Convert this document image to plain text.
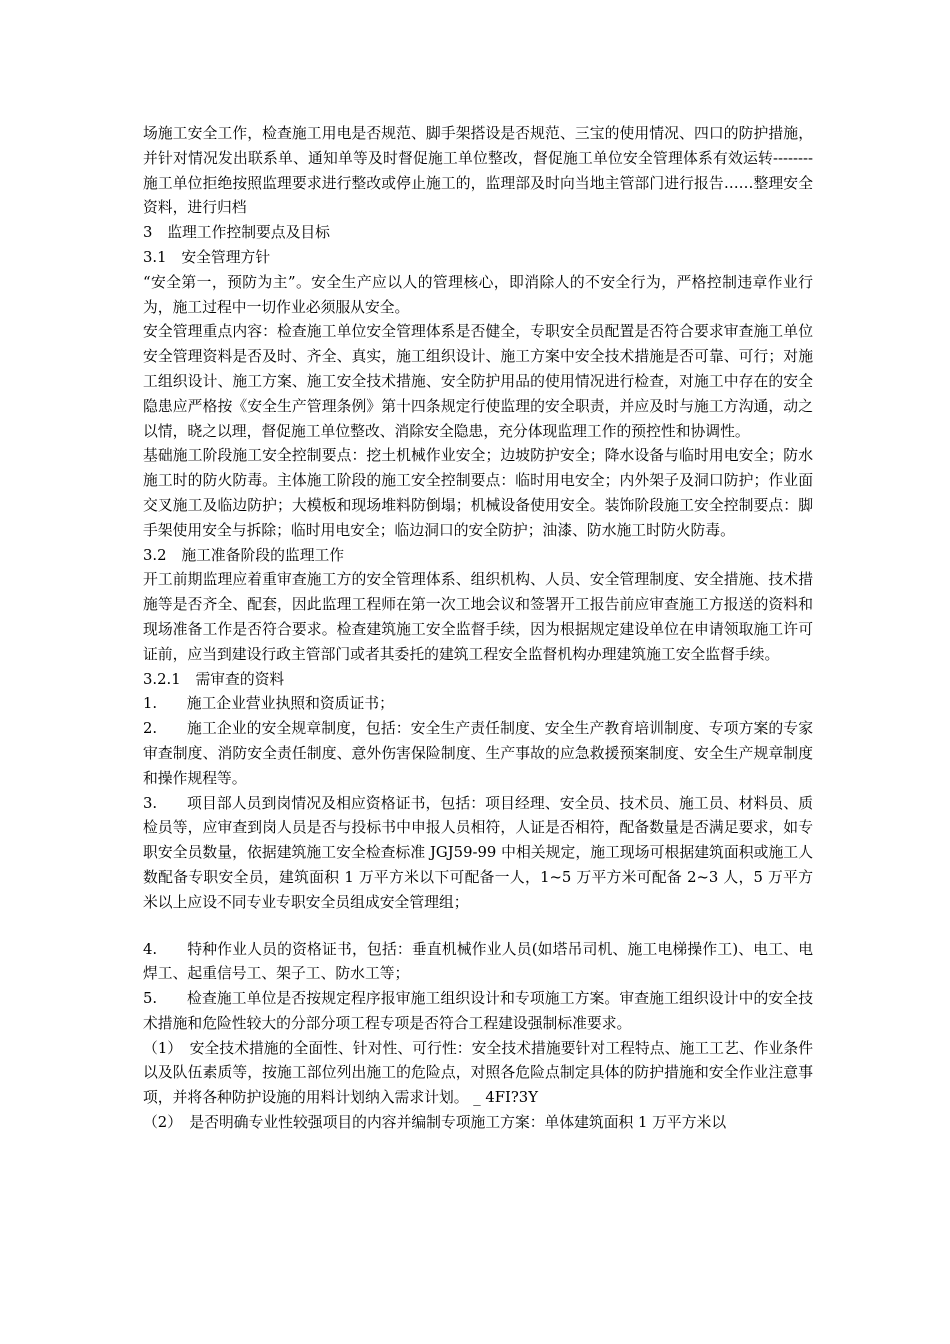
场施工安全工作，检查施工用电是否规范、脚手架搭设是否规范、三宝的使用情况、四口的防护措施，并针对情况发出联系单、通知单等及时督促施工单位整改，督促施工单位安全管理体系有效运转--------施工单位拒绝按照监理要求进行整改或停止施工的，监理部及时向当地主管部门进行报告……整理安全资料，进行归档

3　监理工作控制要点及目标

3.1　安全管理方针

“安全第一，预防为主”。安全生产应以人的管理核心，即消除人的不安全行为，严格控制违章作业行为，施工过程中一切作业必须服从安全。

安全管理重点内容：检查施工单位安全管理体系是否健全，专职安全员配置是否符合要求审查施工单位安全管理资料是否及时、齐全、真实，施工组织设计、施工方案中安全技术措施是否可靠、可行；对施工组织设计、施工方案、施工安全技术措施、安全防护用品的使用情况进行检查，对施工中存在的安全隐患应严格按《安全生产管理条例》第十四条规定行使监理的安全职责，并应及时与施工方沟通，动之以情，晓之以理，督促施工单位整改、消除安全隐患，充分体现监理工作的预控性和协调性。

基础施工阶段施工安全控制要点：挖土机械作业安全；边坡防护安全；降水设备与临时用电安全；防水施工时的防火防毒。主体施工阶段的施工安全控制要点：临时用电安全；内外架子及洞口防护；作业面交叉施工及临边防护；大模板和现场堆料防倒塌；机械设备使用安全。装饰阶段施工安全控制要点：脚手架使用安全与拆除；临时用电安全；临边洞口的安全防护；油漆、防水施工时防火防毒。

3.2　施工准备阶段的监理工作

开工前期监理应着重审查施工方的安全管理体系、组织机构、人员、安全管理制度、安全措施、技术措施等是否齐全、配套，因此监理工程师在第一次工地会议和签署开工报告前应审查施工方报送的资料和现场准备工作是否符合要求。检查建筑施工安全监督手续，因为根据规定建设单位在申请领取施工许可证前，应当到建设行政主管部门或者其委托的建筑工程安全监督机构办理建筑施工安全监督手续。

3.2.1　需审查的资料

1.　　施工企业营业执照和资质证书；

2.　　施工企业的安全规章制度，包括：安全生产责任制度、安全生产教育培训制度、专项方案的专家审查制度、消防安全责任制度、意外伤害保险制度、生产事故的应急救援预案制度、安全生产规章制度和操作规程等。

3.　　项目部人员到岗情况及相应资格证书，包括：项目经理、安全员、技术员、施工员、材料员、质检员等，应审查到岗人员是否与投标书中申报人员相符，人证是否相符，配备数量是否满足要求，如专职安全员数量，依据建筑施工安全检查标准 JGJ59-99 中相关规定，施工现场可根据建筑面积或施工人数配备专职安全员，建筑面积 1 万平方米以下可配备一人，1~5 万平方米可配备 2~3 人，5 万平方米以上应设不同专业专职安全员组成安全管理组；

4.　　特种作业人员的资格证书，包括：垂直机械作业人员(如塔吊司机、施工电梯操作工)、电工、电焊工、起重信号工、架子工、防水工等；

5.　　检查施工单位是否按规定程序报审施工组织设计和专项施工方案。审查施工组织设计中的安全技术措施和危险性较大的分部分项工程专项是否符合工程建设强制标准要求。

（1）　安全技术措施的全面性、针对性、可行性：安全技术措施要针对工程特点、施工工艺、作业条件以及队伍素质等，按施工部位列出施工的危险点，对照各危险点制定具体的防护措施和安全作业注意事项，并将各种防护设施的用料计划纳入需求计划。 _ 4FI?3Y

（2）　是否明确专业性较强项目的内容并编制专项施工方案：单体建筑面积 1 万平方米以
